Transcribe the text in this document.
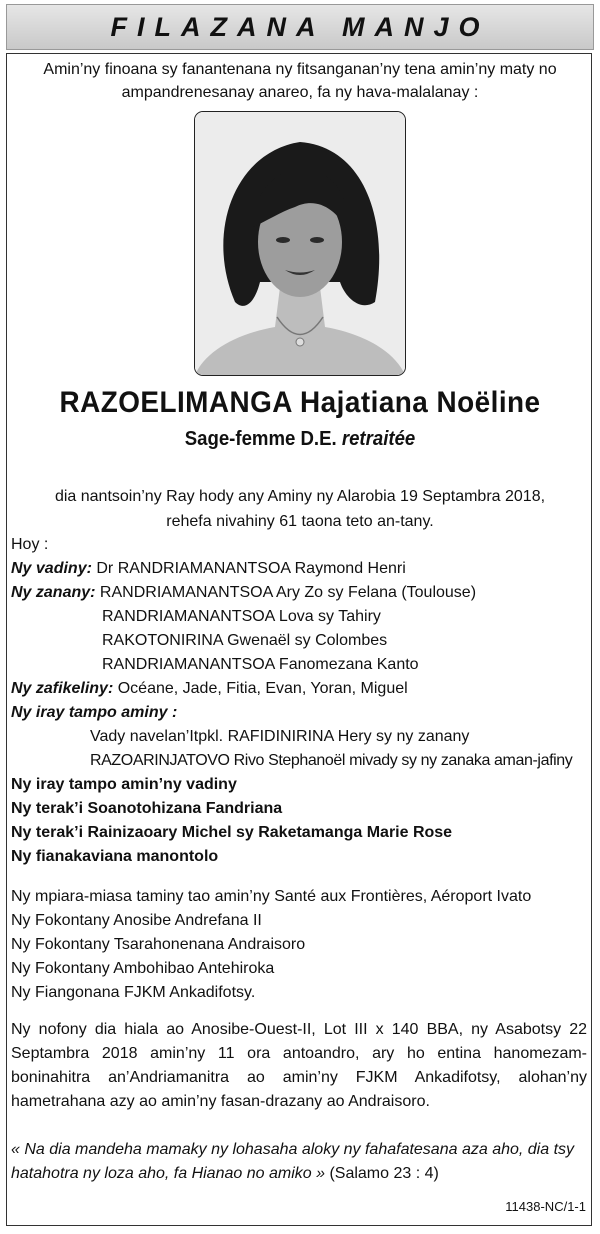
FILAZANA MANJO
Amin’ny finoana sy fanantenana ny fitsanganan’ny tena amin’ny maty no
ampandrenesanay anareo, fa ny hava-malalanay :
RAZOELIMANGA Hajatiana Noëline
Sage-femme D.E. retraitée
dia nantsoin’ny Ray hody any Aminy ny Alarobia 19 Septambra 2018,
rehefa nivahiny 61 taona teto an-tany.
Hoy :
Ny vadiny: Dr RANDRIAMANANTSOA Raymond Henri
Ny zanany: RANDRIAMANANTSOA Ary Zo sy Felana (Toulouse)
RANDRIAMANANTSOA Lova sy Tahiry
RAKOTONIRINA Gwenaël sy Colombes
RANDRIAMANANTSOA Fanomezana Kanto
Ny zafikeliny: Océane, Jade, Fitia, Evan, Yoran, Miguel
Ny iray tampo aminy :
Vady navelan’Itpkl. RAFIDINIRINA Hery sy ny zanany
RAZOARINJATOVO Rivo Stephanoël mivady sy ny zanaka aman-jafiny
Ny iray tampo amin’ny vadiny
Ny terak’i Soanotohizana Fandriana
Ny terak’i Rainizaoary Michel sy Raketamanga Marie Rose
Ny fianakaviana manontolo
Ny mpiara-miasa taminy tao amin’ny Santé aux Frontières, Aéroport Ivato
Ny Fokontany Anosibe Andrefana II
Ny Fokontany Tsarahonenana Andraisoro
Ny Fokontany Ambohibao Antehiroka
Ny Fiangonana FJKM Ankadifotsy.
Ny nofony dia hiala ao Anosibe-Ouest-II, Lot III x 140 BBA, ny Asabotsy 22 Septambra 2018 amin’ny 11 ora antoandro, ary ho entina hanomezam-boninahitra an’Andriamanitra ao amin’ny FJKM Ankadifotsy, alohan’ny hametrahana azy ao amin’ny fasan-drazany ao Andraisoro.
« Na dia mandeha mamaky ny lohasaha aloky ny fahafatesana aza aho, dia tsy hatahotra ny loza aho, fa Hianao no amiko » (Salamo 23 : 4)
11438-NC/1-1
